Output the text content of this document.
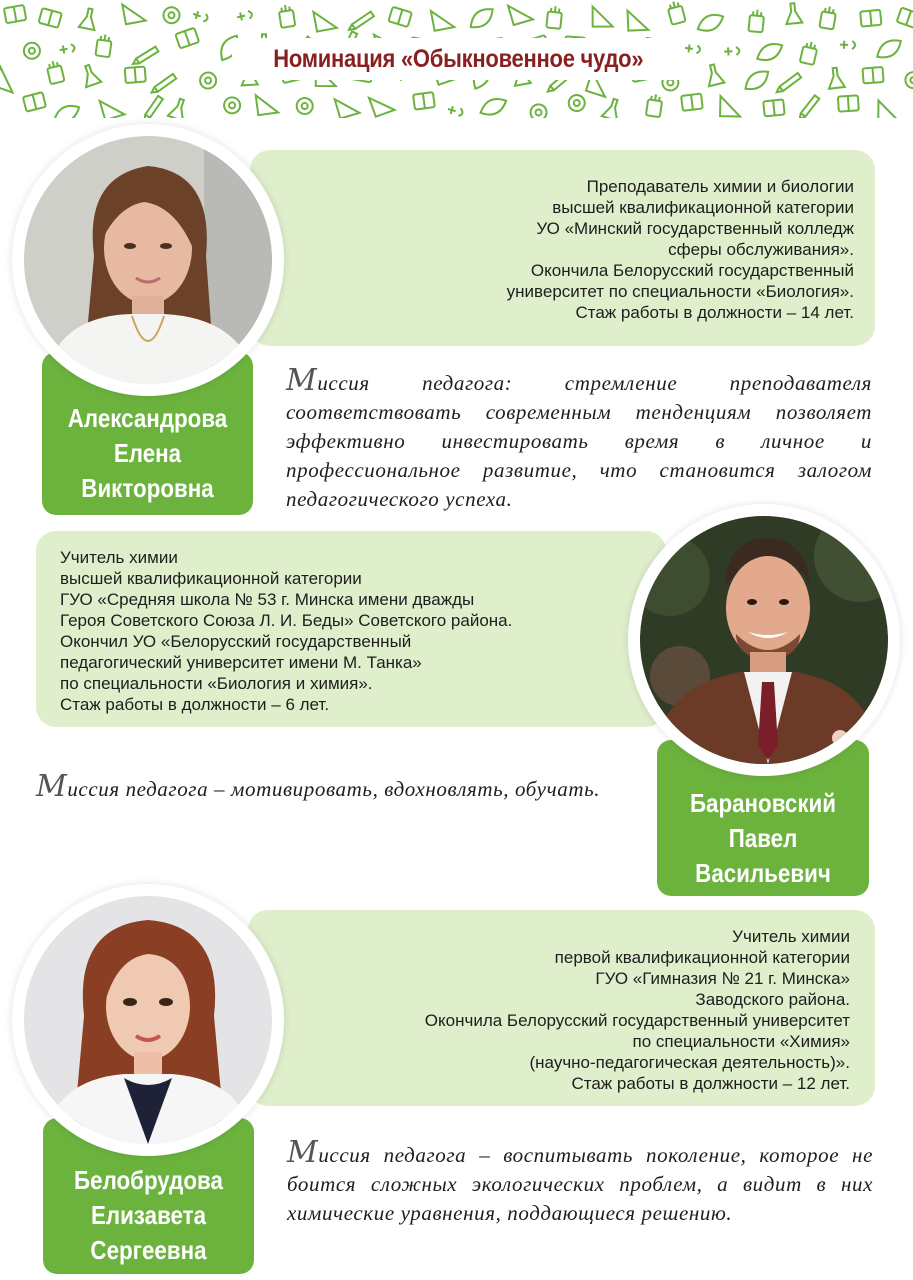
Номинация «Обыкновенное чудо»
Преподаватель химии и биологии
высшей квалификационной категории
УО «Минский государственный колледж
сферы обслуживания».
Окончила Белорусский государственный
университет по специальности «Биология».
Стаж работы в должности – 14 лет.
Александрова
Елена
Викторовна
Миссия педагога: стремление преподавателя соответствовать современным тенденциям позволяет эффективно инвестировать время в личное и профессиональное развитие, что становится залогом педагогического успеха.
Учитель химии
высшей квалификационной категории
ГУО «Средняя школа № 53 г. Минска имени дважды
Героя Советского Союза Л. И. Беды» Советского района.
Окончил УО «Белорусский государственный
педагогический университет имени М. Танка»
по специальности «Биология и химия».
Стаж работы в должности – 6 лет.
Барановский
Павел
Васильевич
Миссия педагога – мотивировать, вдохновлять, обучать.
Учитель химии
первой квалификационной категории
ГУО «Гимназия № 21 г. Минска»
Заводского района.
Окончила Белорусский государственный университет
по специальности «Химия»
(научно-педагогическая деятельность)».
Стаж работы в должности – 12 лет.
Белобрудова
Елизавета
Сергеевна
Миссия педагога – воспитывать поколение, которое не боится сложных экологических проблем, а видит в них химические уравнения, поддающиеся решению.
